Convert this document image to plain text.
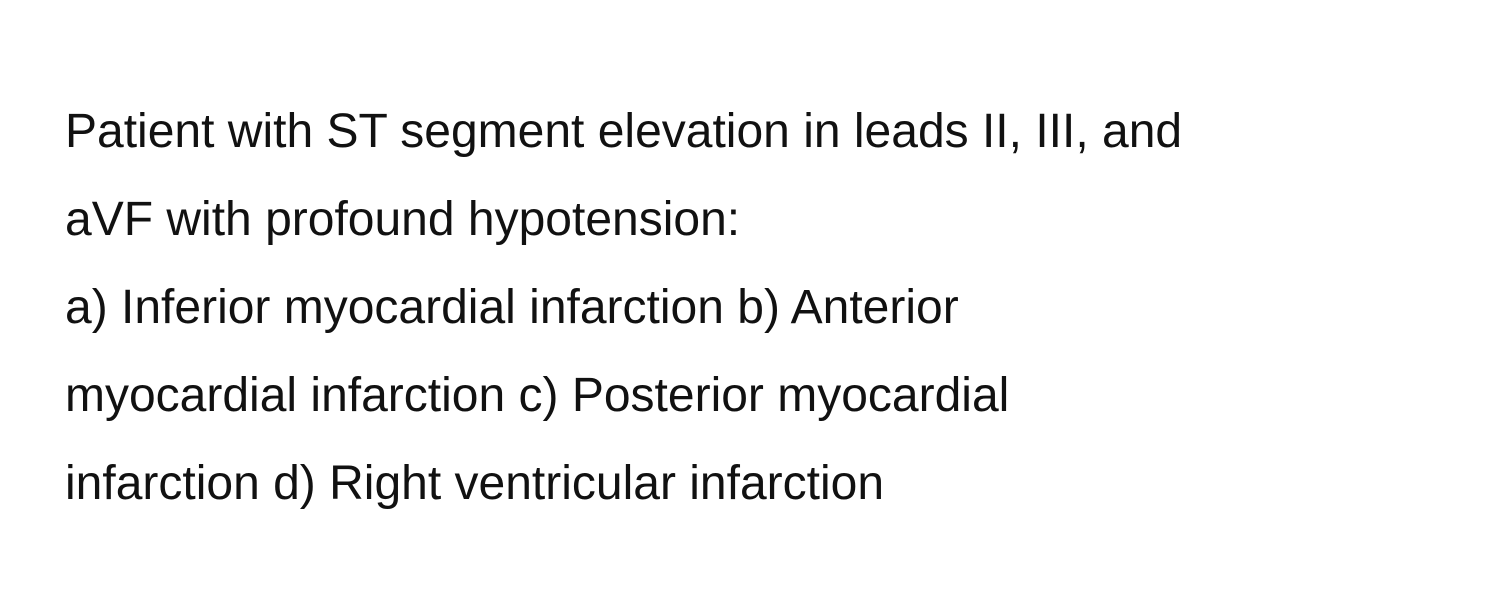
Patient with ST segment elevation in leads II, III, and
aVF with profound hypotension:
a) Inferior myocardial infarction b) Anterior
myocardial infarction c) Posterior myocardial
infarction d) Right ventricular infarction
